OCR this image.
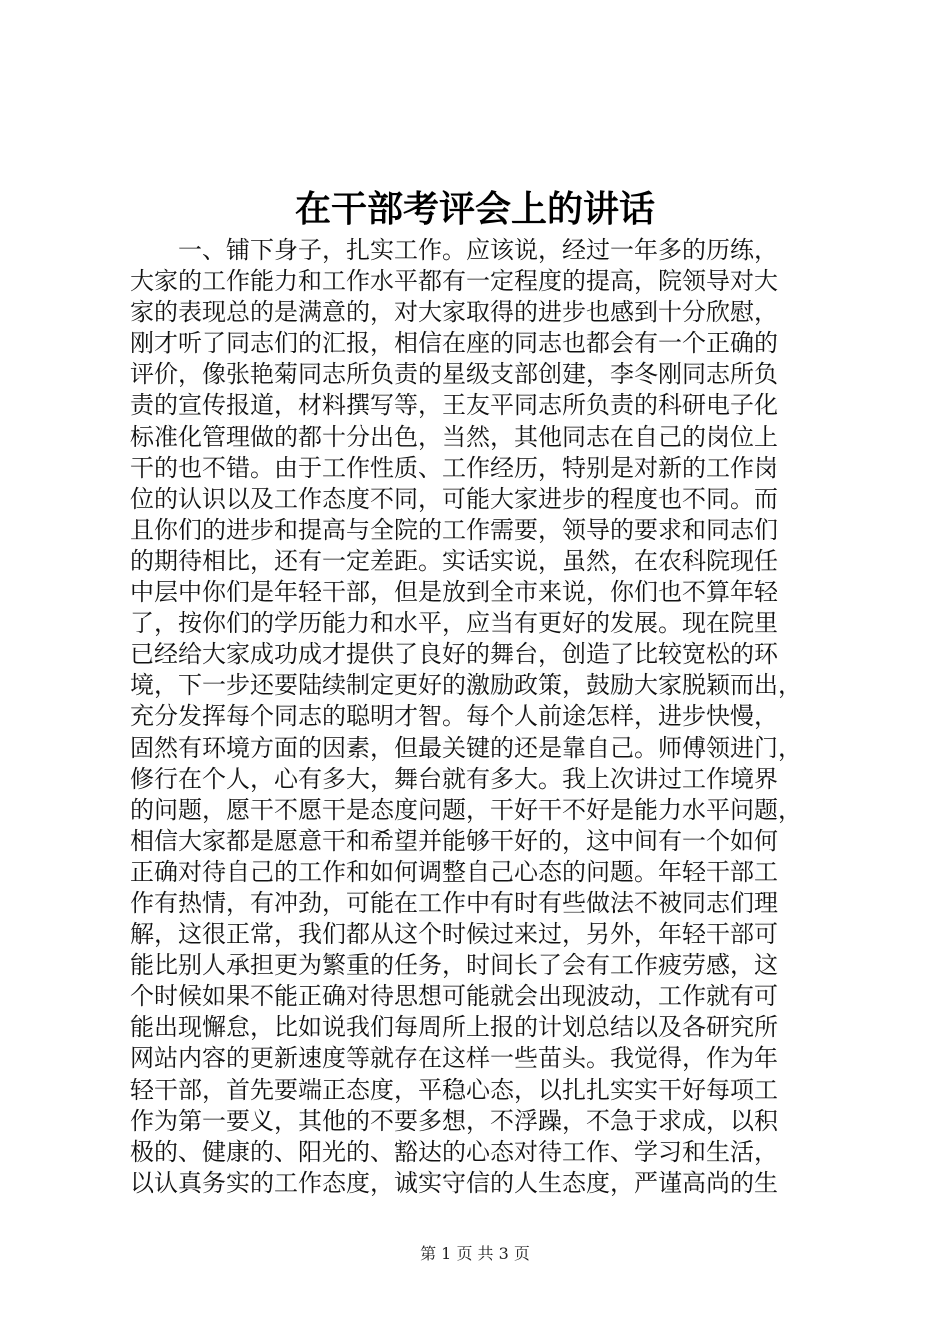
在干部考评会上的讲话
　　一、铺下身子，扎实工作。应该说，经过一年多的历练，
大家的工作能力和工作水平都有一定程度的提高，院领导对大
家的表现总的是满意的，对大家取得的进步也感到十分欣慰，
刚才听了同志们的汇报，相信在座的同志也都会有一个正确的
评价，像张艳菊同志所负责的星级支部创建，李冬刚同志所负
责的宣传报道，材料撰写等，王友平同志所负责的科研电子化
标准化管理做的都十分出色，当然，其他同志在自己的岗位上
干的也不错。由于工作性质、工作经历，特别是对新的工作岗
位的认识以及工作态度不同，可能大家进步的程度也不同。而
且你们的进步和提高与全院的工作需要，领导的要求和同志们
的期待相比，还有一定差距。实话实说，虽然，在农科院现任
中层中你们是年轻干部，但是放到全市来说，你们也不算年轻
了，按你们的学历能力和水平，应当有更好的发展。现在院里
已经给大家成功成才提供了良好的舞台，创造了比较宽松的环
境，下一步还要陆续制定更好的激励政策，鼓励大家脱颖而出，
充分发挥每个同志的聪明才智。每个人前途怎样，进步快慢，
固然有环境方面的因素，但最关键的还是靠自己。师傅领进门，
修行在个人，心有多大，舞台就有多大。我上次讲过工作境界
的问题，愿干不愿干是态度问题，干好干不好是能力水平问题，
相信大家都是愿意干和希望并能够干好的，这中间有一个如何
正确对待自己的工作和如何调整自己心态的问题。年轻干部工
作有热情，有冲劲，可能在工作中有时有些做法不被同志们理
解，这很正常，我们都从这个时候过来过，另外，年轻干部可
能比别人承担更为繁重的任务，时间长了会有工作疲劳感，这
个时候如果不能正确对待思想可能就会出现波动，工作就有可
能出现懈怠，比如说我们每周所上报的计划总结以及各研究所
网站内容的更新速度等就存在这样一些苗头。我觉得，作为年
轻干部，首先要端正态度，平稳心态，以扎扎实实干好每项工
作为第一要义，其他的不要多想，不浮躁，不急于求成，以积
极的、健康的、阳光的、豁达的心态对待工作、学习和生活，
以认真务实的工作态度，诚实守信的人生态度，严谨高尚的生
第 1 页 共 3 页
